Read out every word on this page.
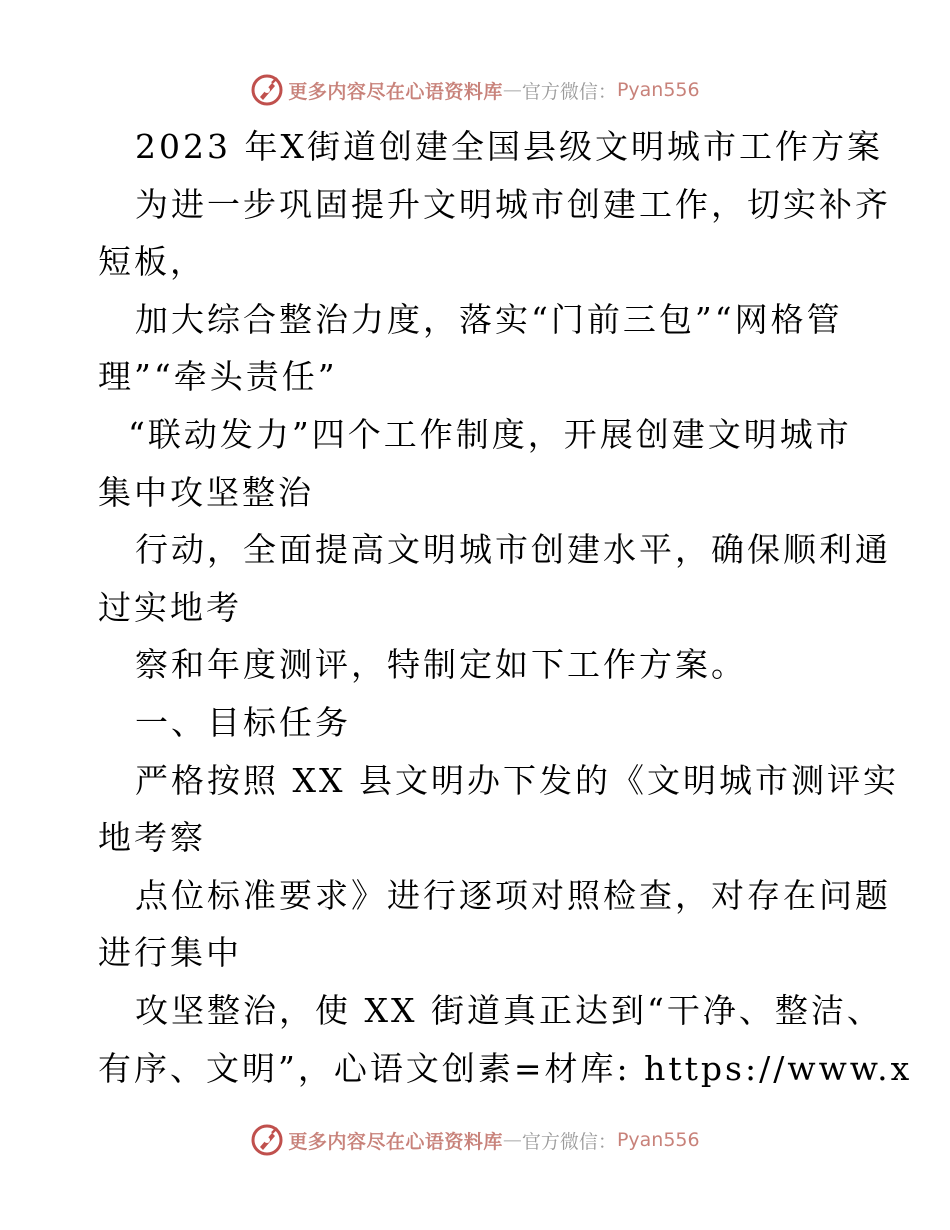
更多内容尽在心语资料库 — 官方微信： Pyan556
2023 年X街道创建全国县级文明城市工作方案
为进一步巩固提升文明城市创建工作，切实补齐
短板，
加大综合整治力度，落实“门前三包”“网格管
理”“牵头责任”
“联动发力”四个工作制度，开展创建文明城市
集中攻坚整治
行动，全面提高文明城市创建水平，确保顺利通
过实地考
察和年度测评，特制定如下工作方案。
一、目标任务
严格按照 XX 县文明办下发的《文明城市测评实
地考察
点位标准要求》进行逐项对照检查，对存在问题
进行集中
攻坚整治，使 XX 街道真正达到“干净、整洁、
有序、文明”，心语文创素=材库: https://www.x
更多内容尽在心语资料库 — 官方微信： Pyan556
